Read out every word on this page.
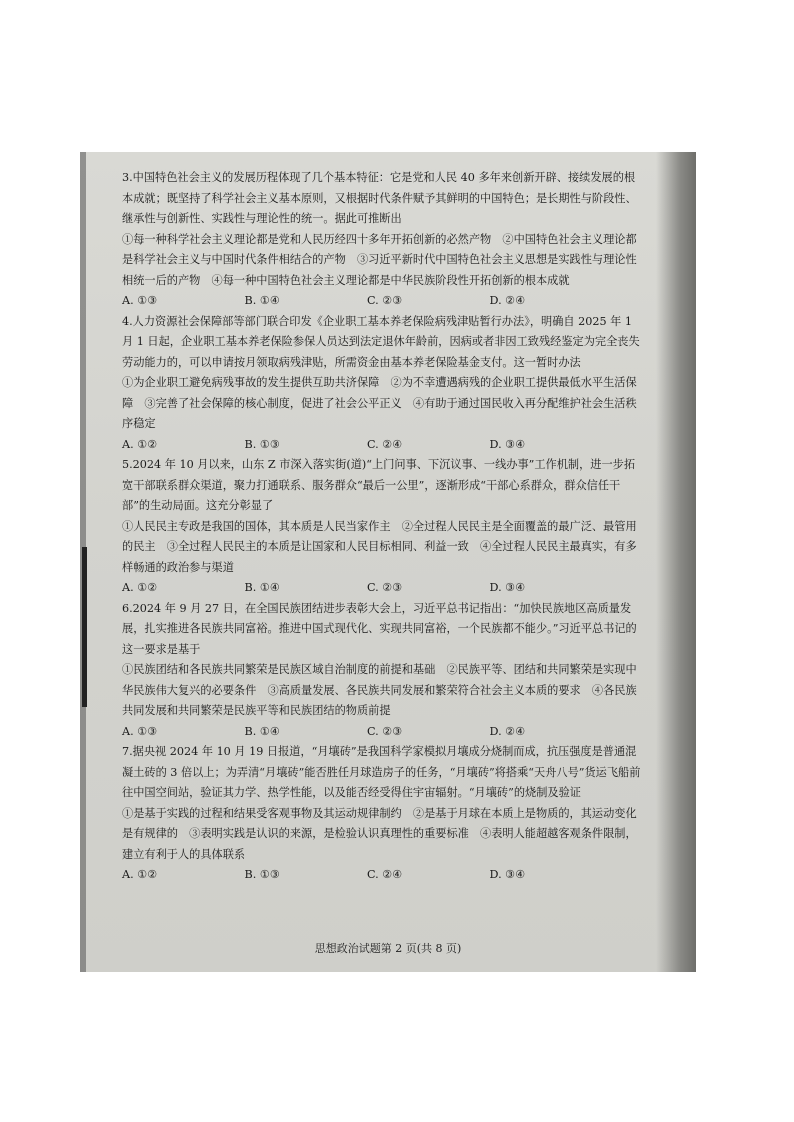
3.中国特色社会主义的发展历程体现了几个基本特征：它是党和人民 40 多年来创新开辟、接续发展的根本成就；既坚持了科学社会主义基本原则，又根据时代条件赋予其鲜明的中国特色；是长期性与阶段性、继承性与创新性、实践性与理论性的统一。据此可推断出
①每一种科学社会主义理论都是党和人民历经四十多年开拓创新的必然产物　②中国特色社会主义理论都是科学社会主义与中国时代条件相结合的产物　③习近平新时代中国特色社会主义思想是实践性与理论性相统一后的产物　④每一种中国特色社会主义理论都是中华民族阶段性开拓创新的根本成就
A. ①③	B. ①④	C. ②③	D. ②④
4.人力资源社会保障部等部门联合印发《企业职工基本养老保险病残津贴暂行办法》，明确自 2025 年 1 月 1 日起，企业职工基本养老保险参保人员达到法定退休年龄前，因病或者非因工致残经鉴定为完全丧失劳动能力的，可以申请按月领取病残津贴，所需资金由基本养老保险基金支付。这一暂时办法
①为企业职工避免病残事故的发生提供互助共济保障　②为不幸遭遇病残的企业职工提供最低水平生活保障　③完善了社会保障的核心制度，促进了社会公平正义　④有助于通过国民收入再分配维护社会生活秩序稳定
A. ①②	B. ①③	C. ②④	D. ③④
5.2024 年 10 月以来，山东 Z 市深入落实街(道)“上门问事、下沉议事、一线办事”工作机制，进一步拓宽干部联系群众渠道，聚力打通联系、服务群众“最后一公里”，逐渐形成“干部心系群众，群众信任干部”的生动局面。这充分彰显了
①人民民主专政是我国的国体，其本质是人民当家作主　②全过程人民民主是全面覆盖的最广泛、最管用的民主　③全过程人民民主的本质是让国家和人民目标相同、利益一致　④全过程人民民主最真实，有多样畅通的政治参与渠道
A. ①②	B. ①④	C. ②③	D. ③④
6.2024 年 9 月 27 日，在全国民族团结进步表彰大会上，习近平总书记指出：“加快民族地区高质量发展，扎实推进各民族共同富裕。推进中国式现代化、实现共同富裕，一个民族都不能少。”习近平总书记的这一要求是基于
①民族团结和各民族共同繁荣是民族区域自治制度的前提和基础　②民族平等、团结和共同繁荣是实现中华民族伟大复兴的必要条件　③高质量发展、各民族共同发展和繁荣符合社会主义本质的要求　④各民族共同发展和共同繁荣是民族平等和民族团结的物质前提
A. ①③	B. ①④	C. ②③	D. ②④
7.据央视 2024 年 10 月 19 日报道，“月壤砖”是我国科学家模拟月壤成分烧制而成，抗压强度是普通混凝土砖的 3 倍以上；为弄清“月壤砖”能否胜任月球造房子的任务，“月壤砖”将搭乘“天舟八号”货运飞船前往中国空间站，验证其力学、热学性能，以及能否经受得住宇宙辐射。“月壤砖”的烧制及验证
①是基于实践的过程和结果受客观事物及其运动规律制约　②是基于月球在本质上是物质的，其运动变化是有规律的　③表明实践是认识的来源，是检验认识真理性的重要标准　④表明人能超越客观条件限制，建立有利于人的具体联系
A. ①②	B. ①③	C. ②④	D. ③④
思想政治试题第 2 页(共 8 页)
